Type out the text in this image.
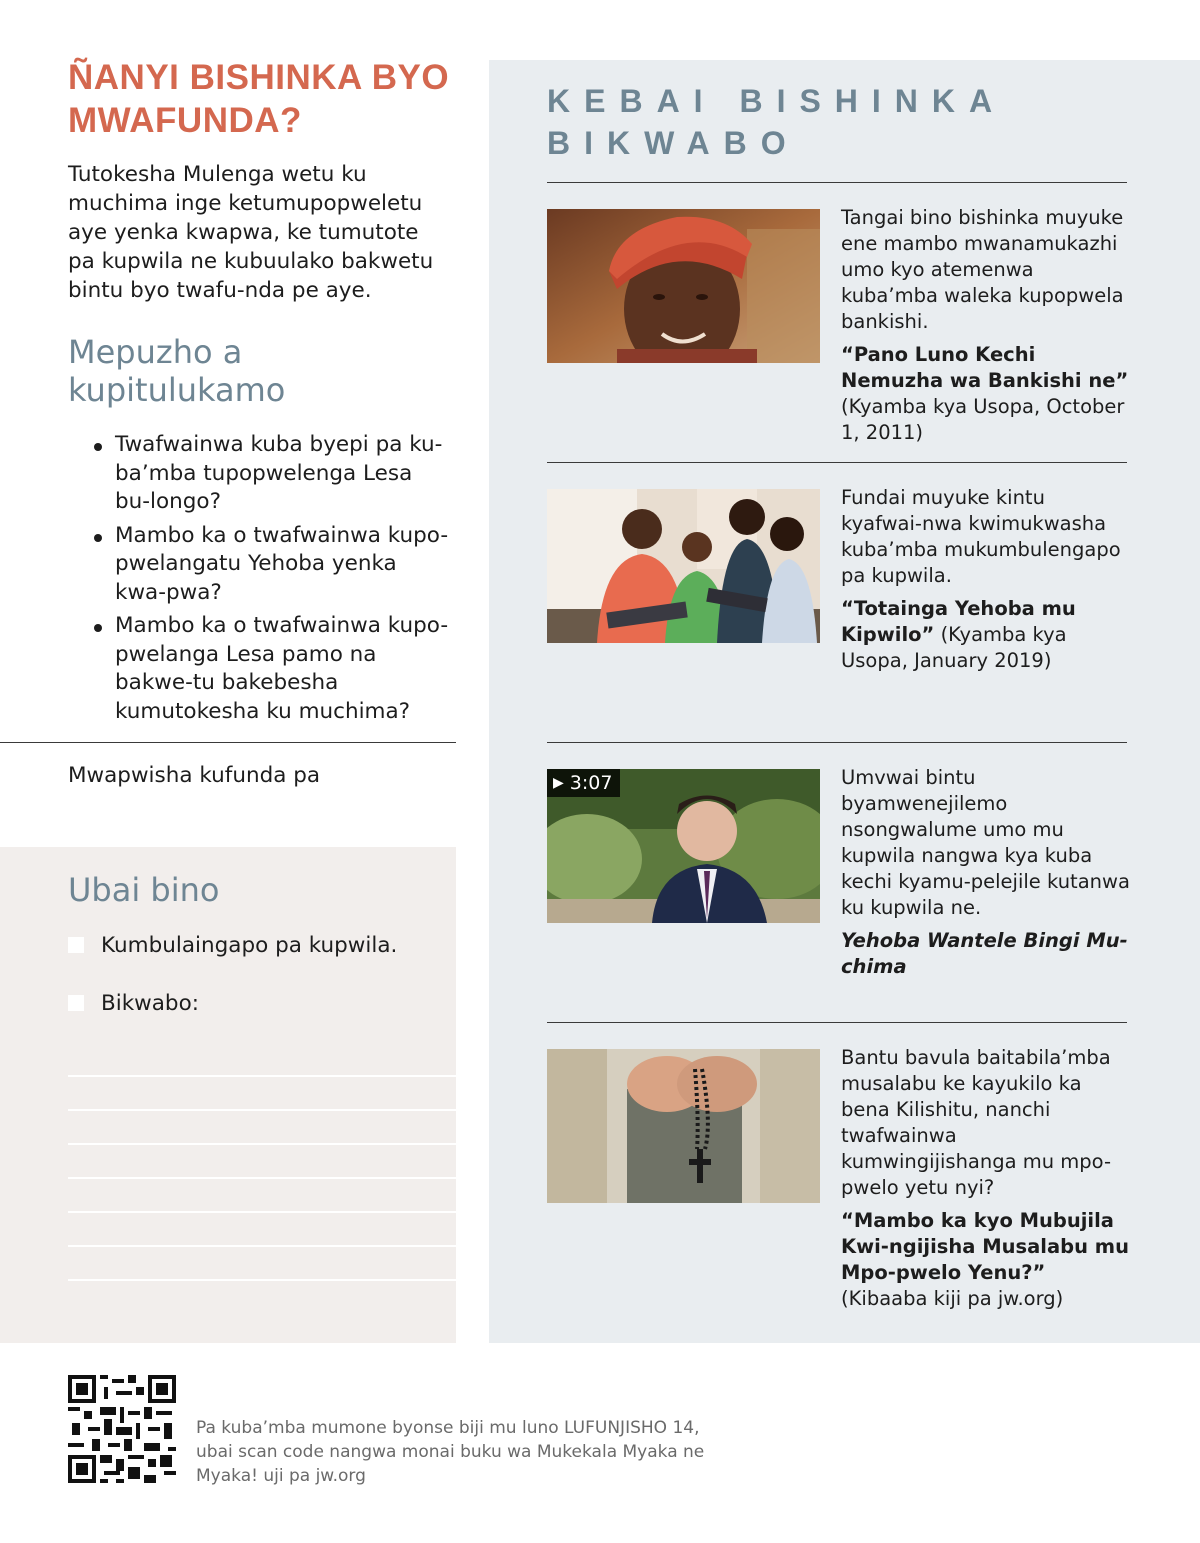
ÑANYI BISHINKA BYO MWAFUNDA?
Tutokesha Mulenga wetu ku muchima inge ketumupopweletu aye yenka kwapwa, ke tumutote pa kupwila ne kubuulako bakwetu bintu byo twafu-nda pe aye.
Mepuzho a kupitulukamo
Twafwainwa kuba byepi pa ku-ba’mba tupopwelenga Lesa bu-longo?
Mambo ka o twafwainwa kupo-pwelangatu Yehoba yenka kwa-pwa?
Mambo ka o twafwainwa kupo-pwelanga Lesa pamo na bakwe-tu bakebesha kumutokesha ku muchima?
Mwapwisha kufunda pa
Ubai bino
Kumbulaingapo pa kupwila.
Bikwabo:
KEBAI BISHINKA BIKWABO
Tangai bino bishinka muyuke ene mambo mwanamukazhi umo kyo atemenwa kuba’mba waleka kupopwela bankishi.
“Pano Luno Kechi Nemuzha wa Bankishi ne” (Kyamba kya Usopa, October 1, 2011)
Fundai muyuke kintu kyafwai-nwa kwimukwasha kuba’mba mukumbulengapo pa kupwila.
“Totainga Yehoba mu Kipwilo” (Kyamba kya Usopa, January 2019)
▶ 3:07	Umvwai bintu byamwenejilemo nsongwalume umo mu kupwila nangwa kya kuba kechi kyamu-pelejile kutanwa ku kupwila ne.
Yehoba Wantele Bingi Mu-chima
Bantu bavula baitabila’mba musalabu ke kayukilo ka bena Kilishitu, nanchi twafwainwa kumwingijishanga mu mpo-pwelo yetu nyi?
“Mambo ka kyo Mubujila Kwi-ngijisha Musalabu mu Mpo-pwelo Yenu?” (Kibaaba kiji pa jw.org)
Pa kuba’mba mumone byonse biji mu luno LUFUNJISHO 14, ubai scan code nangwa monai buku wa Mukekala Myaka ne Myaka! uji pa jw.org
